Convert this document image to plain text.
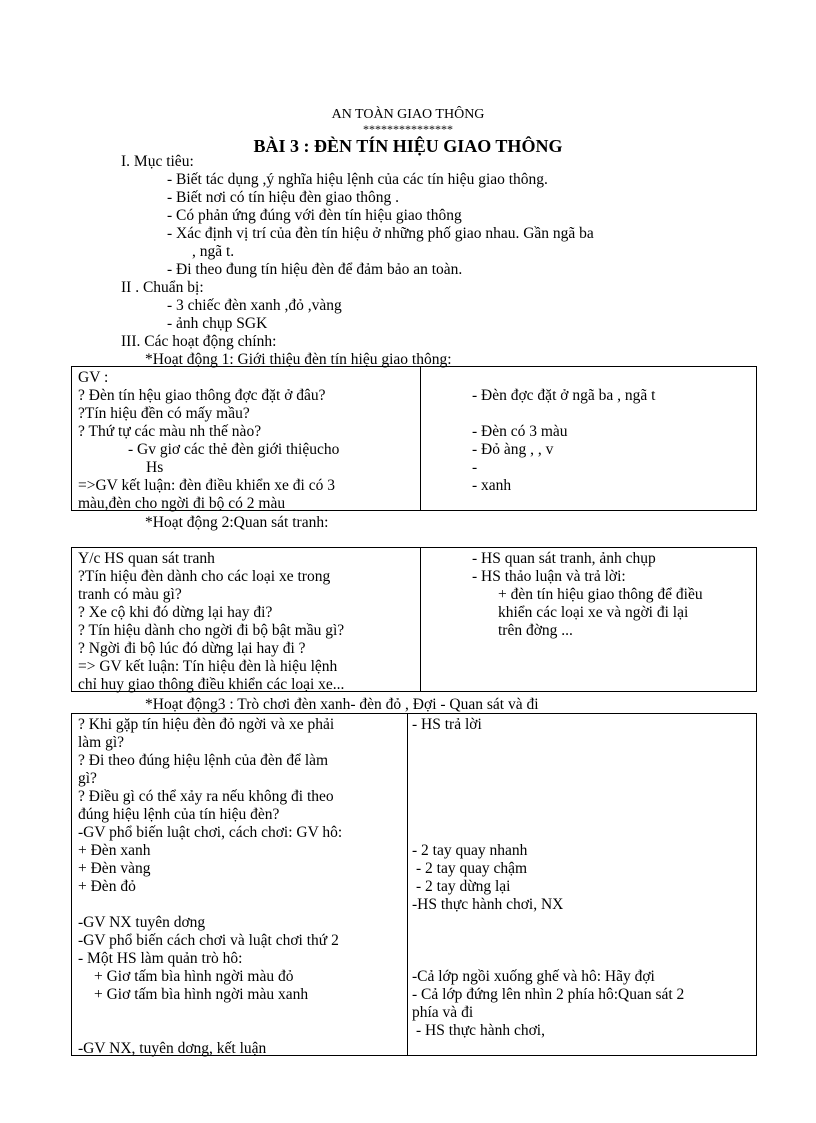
AN TOÀN GIAO THÔNG
***************
BÀI 3 : ĐÈN TÍN HIỆU GIAO THÔNG
I. Mục tiêu:
- Biết tác dụng ,ý nghĩa hiệu lệnh của các tín hiệu giao thông.
- Biết nơi có tín hiệu đèn giao thông .
- Có phản ứng đúng với đèn tín hiệu giao thông
- Xác định vị trí của đèn tín hiệu ở những phố giao nhau. Gần ngã ba
, ngã t.
- Đi theo đung tín hiệu đèn để đảm bảo an toàn.
II . Chuẩn bị:
- 3 chiếc đèn xanh ,đỏ ,vàng
- ảnh chụp SGK
III. Các hoạt động chính:
*Hoạt động 1: Giới thiệu đèn tín hiệu giao thông:
GV :
? Đèn tín hệu giao thông đợc đặt ở đâu?
?Tín hiệu đền có mấy mầu?
? Thứ tự các màu nh thế nào?
- Gv giơ các thẻ đèn giới thiệucho
Hs
=>GV kết luận: đèn điều khiển xe đi có 3
màu,đèn cho ngời đi bộ có 2 màu
- Đèn đợc đặt ở ngã ba , ngã t
- Đèn có 3 màu
- Đỏ àng , , v
-
- xanh
*Hoạt động 2:Quan sát tranh:
Y/c HS quan sát tranh
?Tín hiệu đèn dành cho các loại xe trong
tranh có màu gì?
? Xe cộ khi đó dừng lại hay đi?
? Tín hiệu dành cho ngời đi bộ bật mầu gì?
? Ngời đi bộ lúc đó dừng lại hay đi ?
=> GV kết luận: Tín hiệu đèn là hiệu lệnh
chỉ huy giao thông điều khiển các loại xe...
- HS quan sát tranh, ảnh chụp
- HS thảo luận và trả lời:
+ đèn tín hiệu giao thông để điều
khiển các loại xe và ngời đi lại
trên đờng ...
*Hoạt động3 : Trò chơi đèn xanh- đèn đỏ , Đợi - Quan sát và đi
? Khi gặp tín hiệu đèn đỏ ngời và xe phải
làm gì?
? Đi theo đúng hiệu lệnh của đèn để làm
gì?
? Điều gì có thể xảy ra nếu không đi theo
đúng hiệu lệnh của tín hiệu đèn?
-GV phổ biến luật chơi, cách chơi: GV hô:
+ Đèn xanh
+ Đèn vàng
+ Đèn đỏ
-GV NX tuyên dơng
-GV phổ biến cách chơi và luật chơi thứ 2
- Một HS làm quản trò hô:
+ Giơ tấm bìa hình ngời màu đỏ
+ Giơ tấm bìa hình ngời màu xanh
-GV NX, tuyên dơng, kết luận
- HS trả lời
- 2 tay quay nhanh
- 2 tay quay chậm
- 2 tay dừng lại
-HS thực hành chơi, NX
-Cả lớp ngồi xuống ghế và hô: Hãy đợi
- Cả lớp đứng lên nhìn 2 phía hô:Quan sát 2
phía và đi
- HS thực hành chơi,
